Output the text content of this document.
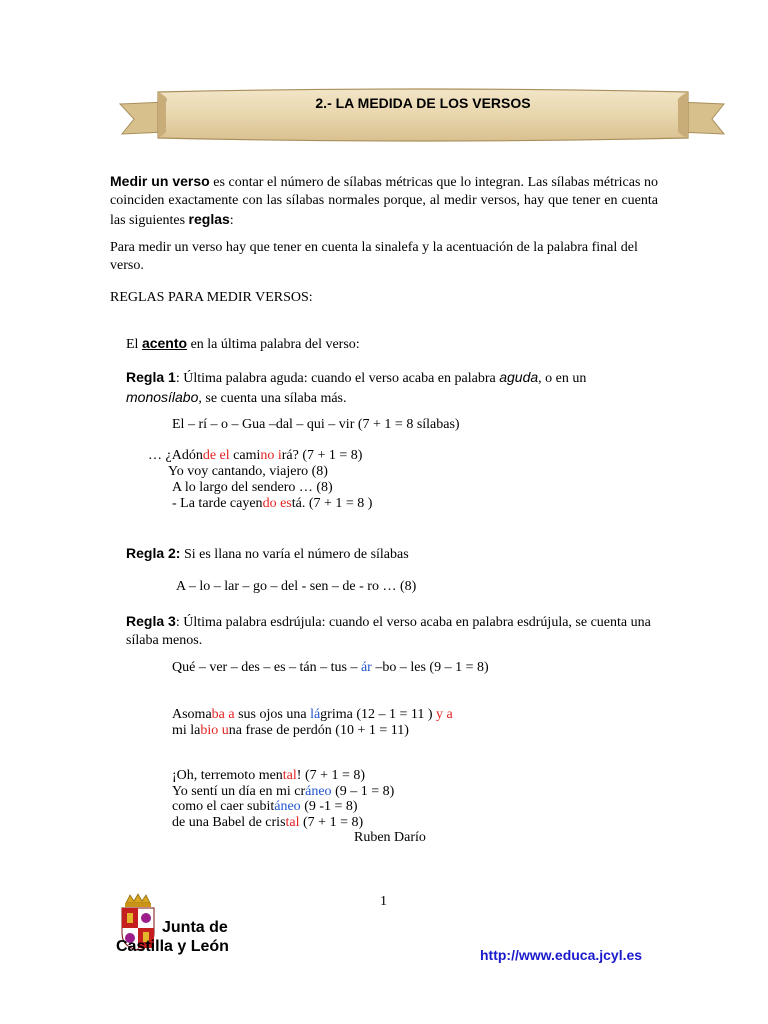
2.- LA MEDIDA DE LOS VERSOS
Medir un verso es contar el número de sílabas métricas que lo integran. Las sílabas métricas no coinciden exactamente con las sílabas normales porque, al medir versos, hay que tener en cuenta las siguientes reglas:
Para medir un verso hay que tener en cuenta la sinalefa y la acentuación de la palabra final del verso.
REGLAS PARA MEDIR VERSOS:
El acento en la última palabra del verso:
Regla 1: Última palabra aguda: cuando el verso acaba en palabra aguda, o en un
monosílabo, se cuenta una sílaba más.
El – rí – o – Gua –dal – qui – vir (7 + 1 = 8 sílabas)
… ¿Adónde el camino irá? (7 + 1 = 8)
Yo voy cantando, viajero (8)
A lo largo del sendero … (8)
- La tarde cayendo está. (7 + 1 = 8 )
Regla 2: Si es llana no varía el número de sílabas
A – lo – lar – go – del - sen – de - ro … (8)
Regla 3: Última palabra esdrújula: cuando el verso acaba en palabra esdrújula, se cuenta una sílaba menos.
Qué – ver – des – es – tán – tus – ár –bo – les (9 – 1 = 8)
Asomaba a sus ojos una lágrima (12 – 1 = 11 ) y a
mi labio una frase de perdón (10 + 1 = 11)
¡Oh, terremoto mental! (7 + 1 = 8)
Yo sentí un día en mi cráneo (9 – 1 = 8)
como el caer subitáneo (9 -1 = 8)
de una Babel de cristal (7 + 1 = 8)
Ruben Darío
1
Junta de
Castilla y León	http://www.educa.jcyl.es
